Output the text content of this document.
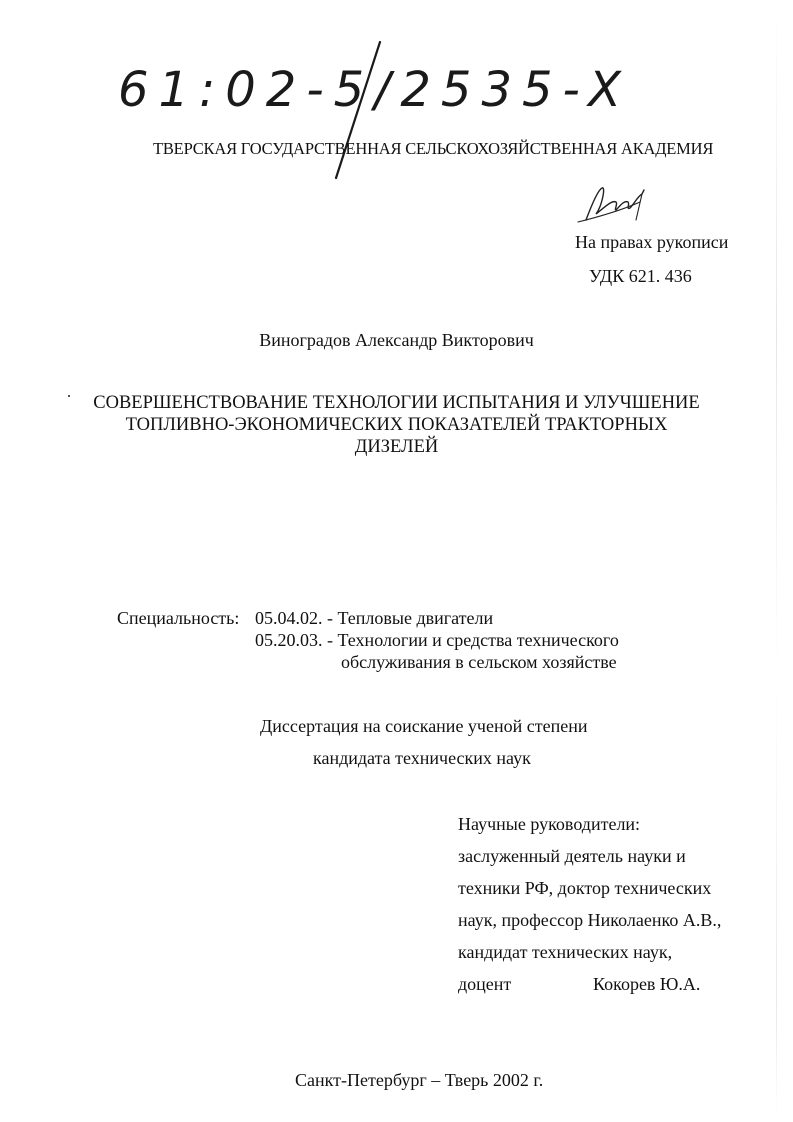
61:02-5/2535-X
ТВЕРСКАЯ ГОСУДАРСТВЕННАЯ СЕЛЬСКОХОЗЯЙСТВЕННАЯ АКАДЕМИЯ
На правах рукописи
УДК 621. 436
Виноградов Александр Викторович
СОВЕРШЕНСТВОВАНИЕ ТЕХНОЛОГИИ ИСПЫТАНИЯ И УЛУЧШЕНИЕ
ТОПЛИВНО-ЭКОНОМИЧЕСКИХ ПОКАЗАТЕЛЕЙ ТРАКТОРНЫХ
ДИЗЕЛЕЙ
Специальность: 05.04.02. - Тепловые двигатели
05.20.03. - Технологии и средства технического
обслуживания в сельском хозяйстве
Диссертация на соискание ученой степени
кандидата технических наук
Научные руководители:
заслуженный деятель науки и
техники РФ, доктор технических
наук, профессор Николаенко А.В.,
кандидат технических наук,
доцент	Кокорев Ю.А.
Санкт-Петербург – Тверь 2002 г.
